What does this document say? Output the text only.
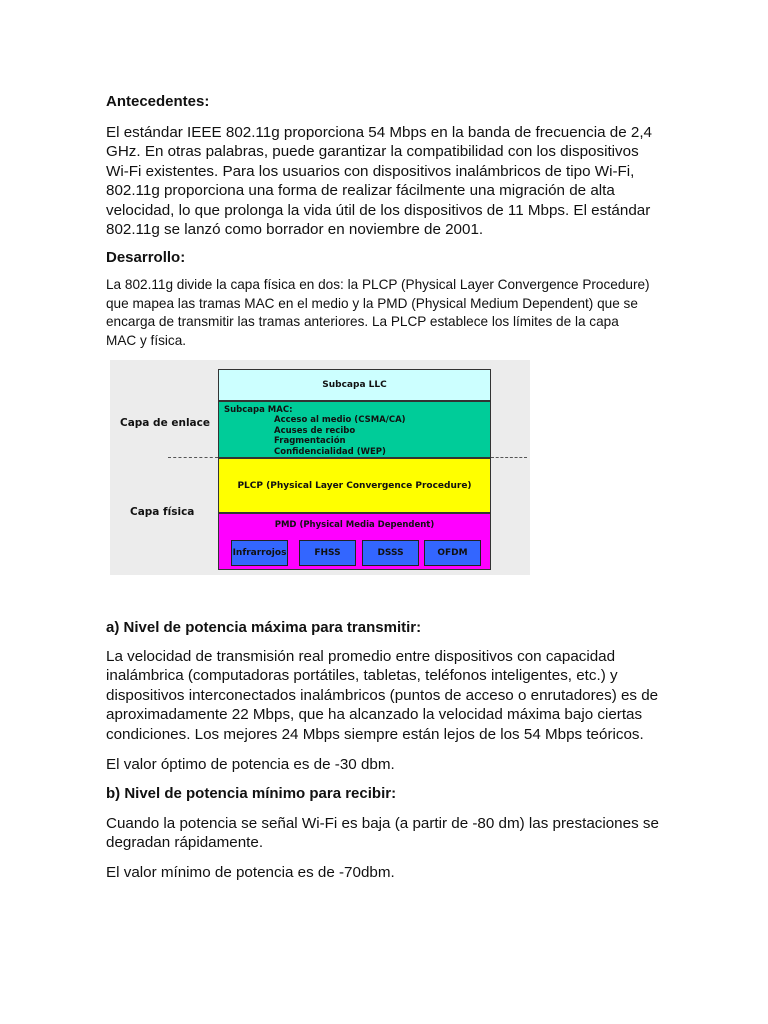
Antecedentes:

El estándar IEEE 802.11g proporciona 54 Mbps en la banda de frecuencia de 2,4
GHz. En otras palabras, puede garantizar la compatibilidad con los dispositivos
Wi-Fi existentes. Para los usuarios con dispositivos inalámbricos de tipo Wi-Fi,
802.11g proporciona una forma de realizar fácilmente una migración de alta
velocidad, lo que prolonga la vida útil de los dispositivos de 11 Mbps. El estándar
802.11g se lanzó como borrador en noviembre de 2001.

Desarrollo:

La 802.11g divide la capa física en dos: la PLCP (Physical Layer Convergence Procedure)
que mapea las tramas MAC en el medio y la PMD (Physical Medium Dependent) que se
encarga de transmitir las tramas anteriores. La PLCP establece los límites de la capa
MAC y física.

Capa de enlace
Capa física
Subcapa LLC
Subcapa MAC:
Acceso al medio (CSMA/CA)
Acuses de recibo
Fragmentación
Confidencialidad (WEP)
PLCP (Physical Layer Convergence Procedure)
PMD (Physical Media Dependent)
Infrarrojos	FHSS	DSSS	OFDM
a) Nivel de potencia máxima para transmitir:

La velocidad de transmisión real promedio entre dispositivos con capacidad
inalámbrica (computadoras portátiles, tabletas, teléfonos inteligentes, etc.) y
dispositivos interconectados inalámbricos (puntos de acceso o enrutadores) es de
aproximadamente 22 Mbps, que ha alcanzado la velocidad máxima bajo ciertas
condiciones. Los mejores 24 Mbps siempre están lejos de los 54 Mbps teóricos.

El valor óptimo de potencia es de -30 dbm.

b) Nivel de potencia mínimo para recibir:

Cuando la potencia se señal Wi-Fi es baja (a partir de -80 dm) las prestaciones se
degradan rápidamente.

El valor mínimo de potencia es de -70dbm.
